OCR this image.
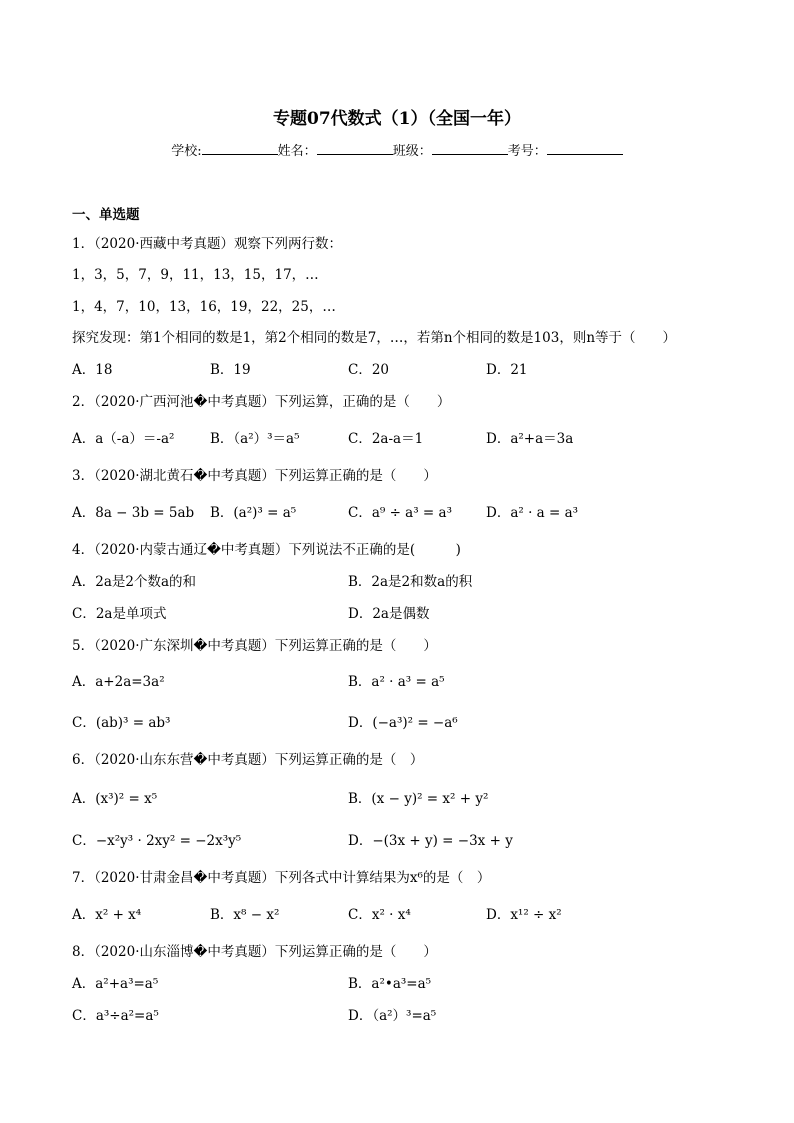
专题07代数式（1）（全国一年）
学校:	姓名：	班级：	考号：
一、单选题
1．（2020·西藏中考真题）观察下列两行数：
1，3，5，7，9，11，13，15，17，…
1，4，7，10，13，16，19，22，25，…
探究发现：第1个相同的数是1，第2个相同的数是7，…，若第n个相同的数是103，则n等于（　　）
A．18	B．19	C．20	D．21
2．（2020·广西河池�中考真题）下列运算，正确的是（　　）
A．a（-a）＝-a²	B．（a²）³＝a⁵	C．2a-a＝1	D．a²+a＝3a
3．（2020·湖北黄石�中考真题）下列运算正确的是（　　）
A．8a − 3b = 5ab B．(a²)³ = a⁵	C．a⁹ ÷ a³ = a³	D．a² · a = a³
4．（2020·内蒙古通辽�中考真题）下列说法不正确的是(　　　)
A．2a是2个数a的和	B．2a是2和数a的积
C．2a是单项式	D．2a是偶数
5．（2020·广东深圳�中考真题）下列运算正确的是（　　）
A．a+2a=3a²	B．a² · a³ = a⁵
C．(ab)³ = ab³	D．(−a³)² = −a⁶
6．（2020·山东东营�中考真题）下列运算正确的是（　）
A．(x³)² = x⁵	B．(x − y)² = x² + y²
C．−x²y³ · 2xy² = −2x³y⁵	D．−(3x + y) = −3x + y
7．（2020·甘肃金昌�中考真题）下列各式中计算结果为x⁶的是（　）
A．x² + x⁴	B．x⁸ − x²	C．x² · x⁴	D．x¹² ÷ x²
8．（2020·山东淄博�中考真题）下列运算正确的是（　　）
A．a²+a³=a⁵	B．a²•a³=a⁵
C．a³÷a²=a⁵	D．（a²）³=a⁵
